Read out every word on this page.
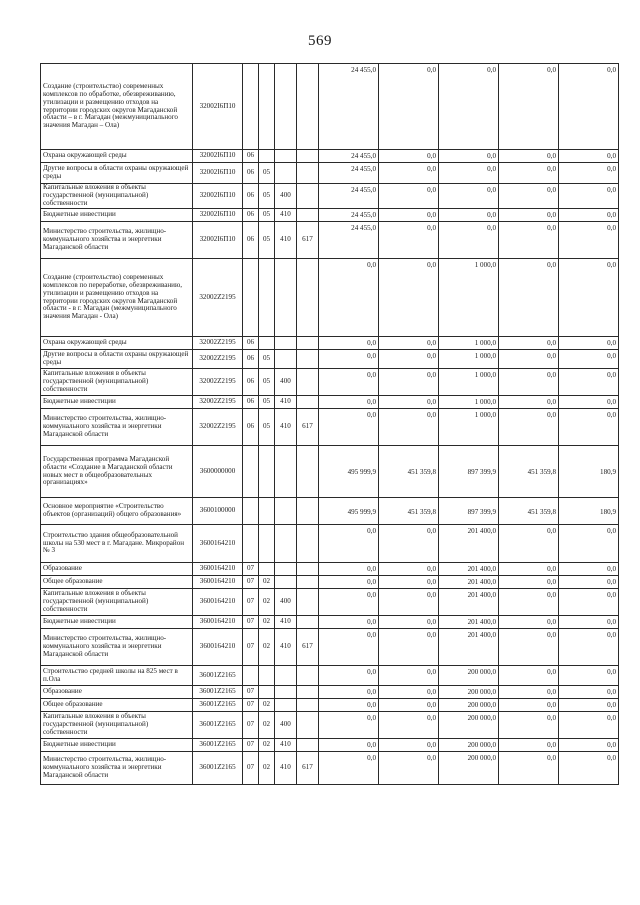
569
Создание (строительство) современных комплексов по обработке, обезвреживанию, утилизации и размещению отходов на территории городских округов Магаданской области – в г. Магадан (межмуниципального значения Магадан – Ола)	32002I6П10					24 455,0	0,0	0,0	0,0	0,0
Охрана окружающей среды	32002I6П10	06				24 455,0	0,0	0,0	0,0	0,0
Другие вопросы в области охраны окружающей среды	32002I6П10	06	05			24 455,0	0,0	0,0	0,0	0,0
Капитальные вложения в объекты государственной (муниципальной) собственности	32002I6П10	06	05	400		24 455,0	0,0	0,0	0,0	0,0
Бюджетные инвестиции	32002I6П10	06	05	410		24 455,0	0,0	0,0	0,0	0,0
Министерство строительства, жилищно-коммунального хозяйства и энергетики Магаданской области	32002I6П10	06	05	410	617	24 455,0	0,0	0,0	0,0	0,0
Создание (строительство) современных комплексов по переработке, обезвреживанию, утилизации и размещению отходов на территории городских округов Магаданской области - в г. Магадан (межмуниципального значения Магадан - Ола)	32002Z2195					0,0	0,0	1 000,0	0,0	0,0
Охрана окружающей среды	32002Z2195	06				0,0	0,0	1 000,0	0,0	0,0
Другие вопросы в области охраны окружающей среды	32002Z2195	06	05			0,0	0,0	1 000,0	0,0	0,0
Капитальные вложения в объекты государственной (муниципальной) собственности	32002Z2195	06	05	400		0,0	0,0	1 000,0	0,0	0,0
Бюджетные инвестиции	32002Z2195	06	05	410		0,0	0,0	1 000,0	0,0	0,0
Министерство строительства, жилищно-коммунального хозяйства и энергетики Магаданской области	32002Z2195	06	05	410	617	0,0	0,0	1 000,0	0,0	0,0
Государственная программа Магаданской области «Создание в Магаданской области новых мест в общеобразовательных организациях»	3600000000					495 999,9	451 359,8	897 399,9	451 359,8	180,9
Основное мероприятие «Строительство объектов (организаций) общего образования»	3600100000					495 999,9	451 359,8	897 399,9	451 359,8	180,9
Строительство здания общеобразовательной школы на 530 мест в г. Магадане. Микрорайон № 3	3600164210					0,0	0,0	201 400,0	0,0	0,0
Образование	3600164210	07				0,0	0,0	201 400,0	0,0	0,0
Общее образование	3600164210	07	02			0,0	0,0	201 400,0	0,0	0,0
Капитальные вложения в объекты государственной (муниципальной) собственности	3600164210	07	02	400		0,0	0,0	201 400,0	0,0	0,0
Бюджетные инвестиции	3600164210	07	02	410		0,0	0,0	201 400,0	0,0	0,0
Министерство строительства, жилищно-коммунального хозяйства и энергетики Магаданской области	3600164210	07	02	410	617	0,0	0,0	201 400,0	0,0	0,0
Строительство средней школы на 825 мест в п.Ола	36001Z2165					0,0	0,0	200 000,0	0,0	0,0
Образование	36001Z2165	07				0,0	0,0	200 000,0	0,0	0,0
Общее образование	36001Z2165	07	02			0,0	0,0	200 000,0	0,0	0,0
Капитальные вложения в объекты государственной (муниципальной) собственности	36001Z2165	07	02	400		0,0	0,0	200 000,0	0,0	0,0
Бюджетные инвестиции	36001Z2165	07	02	410		0,0	0,0	200 000,0	0,0	0,0
Министерство строительства, жилищно-коммунального хозяйства и энергетики Магаданской области	36001Z2165	07	02	410	617	0,0	0,0	200 000,0	0,0	0,0
